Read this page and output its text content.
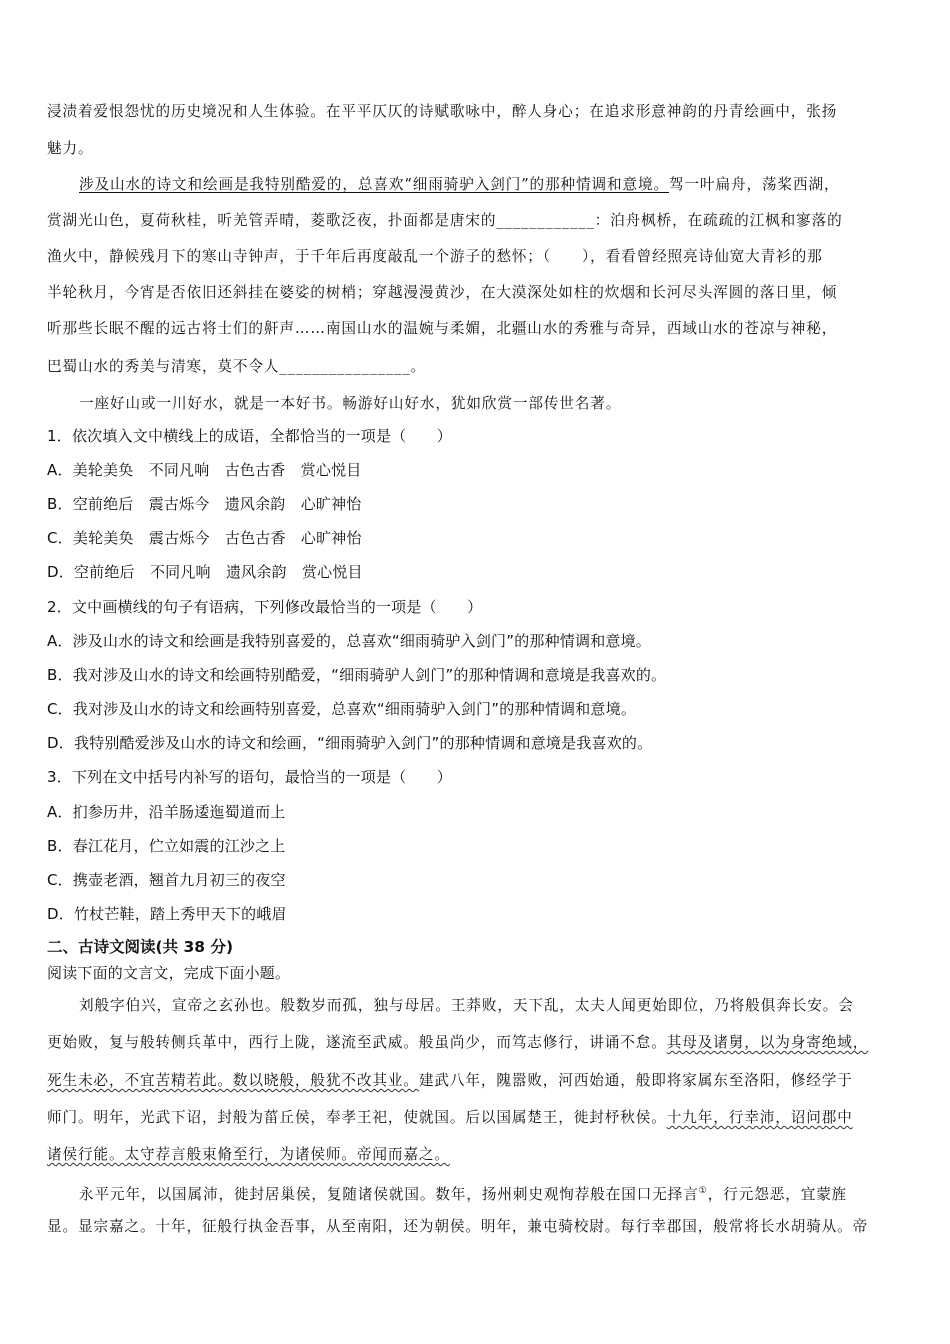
浸渍着爱恨怨忧的历史境况和人生体验。在平平仄仄的诗赋歌咏中，醉人身心；在追求形意神韵的丹青绘画中，张扬
魅力。
涉及山水的诗文和绘画是我特别酷爱的，总喜欢“细雨骑驴入剑门”的那种情调和意境。驾一叶扁舟，荡桨西湖，
赏湖光山色，夏荷秋桂，听羌管弄晴，菱歌泛夜，扑面都是唐宋的____________：泊舟枫桥，在疏疏的江枫和寥落的
渔火中，静候残月下的寒山寺钟声，于千年后再度敲乱一个游子的愁怀；（　　），看看曾经照亮诗仙宽大青衫的那
半轮秋月，今宵是否依旧还斜挂在婆娑的树梢；穿越漫漫黄沙，在大漠深处如柱的炊烟和长河尽头浑圆的落日里，倾
听那些长眠不醒的远古将士们的鼾声……南国山水的温婉与柔媚，北疆山水的秀雅与奇异，西域山水的苍凉与神秘，
巴蜀山水的秀美与清寒，莫不令人________________。
一座好山或一川好水，就是一本好书。畅游好山好水，犹如欣赏一部传世名著。
1．依次填入文中横线上的成语，全都恰当的一项是（　　）
A．美轮美奂　不同凡响　古色古香　赏心悦目
B．空前绝后　震古烁今　遗风余韵　心旷神怡
C．美轮美奂　震古烁今　古色古香　心旷神怡
D．空前绝后　不同凡响　遗风余韵　赏心悦目
2．文中画横线的句子有语病，下列修改最恰当的一项是（　　）
A．涉及山水的诗文和绘画是我特别喜爱的，总喜欢“细雨骑驴入剑门”的那种情调和意境。
B．我对涉及山水的诗文和绘画特别酷爱，“细雨骑驴人剑门”的那种情调和意境是我喜欢的。
C．我对涉及山水的诗文和绘画特别喜爱，总喜欢“细雨骑驴入剑门”的那种情调和意境。
D．我特别酷爱涉及山水的诗文和绘画，“细雨骑驴入剑门”的那种情调和意境是我喜欢的。
3．下列在文中括号内补写的语句，最恰当的一项是（　　）
A．扪参历井，沿羊肠逶迤蜀道而上
B．春江花月，伫立如震的江沙之上
C．携壶老酒，翘首九月初三的夜空
D．竹杖芒鞋，踏上秀甲天下的峨眉
二、古诗文阅读(共 38 分)
阅读下面的文言文，完成下面小题。
刘般字伯兴，宣帝之玄孙也。般数岁而孤，独与母居。王莽败，天下乱，太夫人闻更始即位，乃将般俱奔长安。会
更始败，复与般转侧兵革中，西行上陇，遂流至武威。般虽尚少，而笃志修行，讲诵不怠。其母及诸舅，以为身寄绝域，
死生未必，不宜苦精若此。数以晓般，般犹不改其业。建武八年，隗嚣败，河西始通，般即将家属东至洛阳，修经学于
师门。明年，光武下诏，封般为菑丘侯，奉孝王祀，使就国。后以国属楚王，徙封杼秋侯。十九年，行幸沛，诏问郡中
诸侯行能。太守荐言般束脩至行，为诸侯师。帝闻而嘉之。
永平元年，以国属沛，徙封居巢侯，复随诸侯就国。数年，扬州刺史观恂荐般在国口无择言①，行元怨恶，宜蒙旌
显。显宗嘉之。十年，征般行执金吾事，从至南阳，还为朝侯。明年，兼屯骑校尉。每行幸郡国，般常将长水胡骑从。帝
